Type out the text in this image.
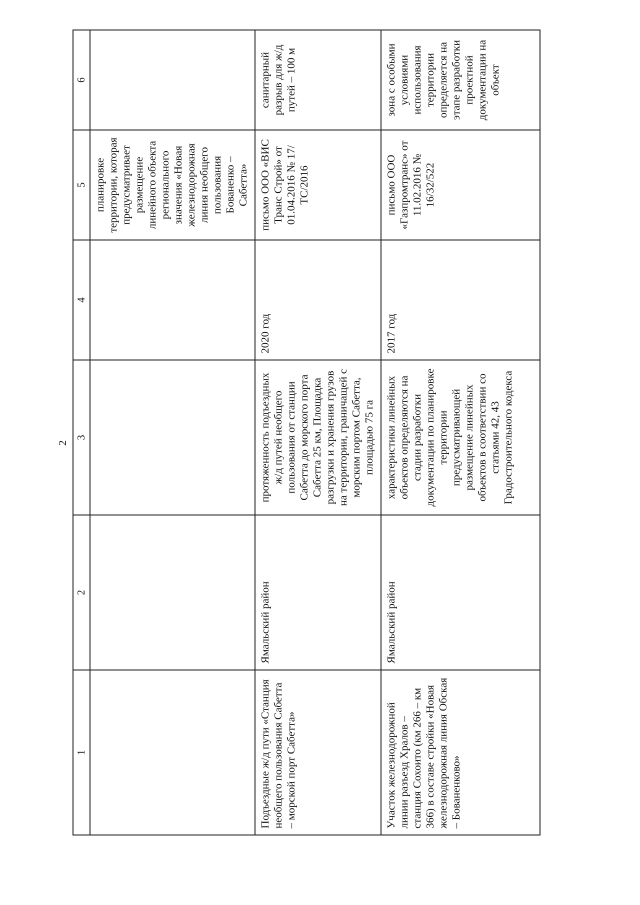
2
1	2	3	4	5	6
				планировке территории, которая предусматривает размещение линейного объекта регионального значения «Новая железнодорожная линия необщего пользования Бованенко – Сабетта»	
Подъездные ж/д пути «Станция необщего пользования Сабетта – морской порт Сабетта»	Ямальский район	протяженность подъездных ж/д путей необщего пользования от станции Сабетта до морского порта Сабетта 25 км, Площадка разгрузки и хранения грузов на территории, граничащей с морским портом Сабетта, площадью 75 га	2020 год	письмо ООО «ВИС Транс Строй» от 01.04.2016 № 17/ТС/2016	санитарный разрыв для ж/д путей – 100 м
Участок железнодорожной линии разъезд Хралов – станция Сохоито (км 266 – км 366) в составе стройки «Новая железнодорожная линия Обская – Бованенково»	Ямальский район	характеристики линейных объектов определяются на стадии разработки документации по планировке территории предусматривающей размещение линейных объектов в соответствии со статьями 42, 43 Градостроительного кодекса	2017 год	письмо ООО «Газпромтранс» от 11.02.2016 № 16/32/522	зона с особыми условиями использования территории определяется на этапе разработки проектной документации на объект
